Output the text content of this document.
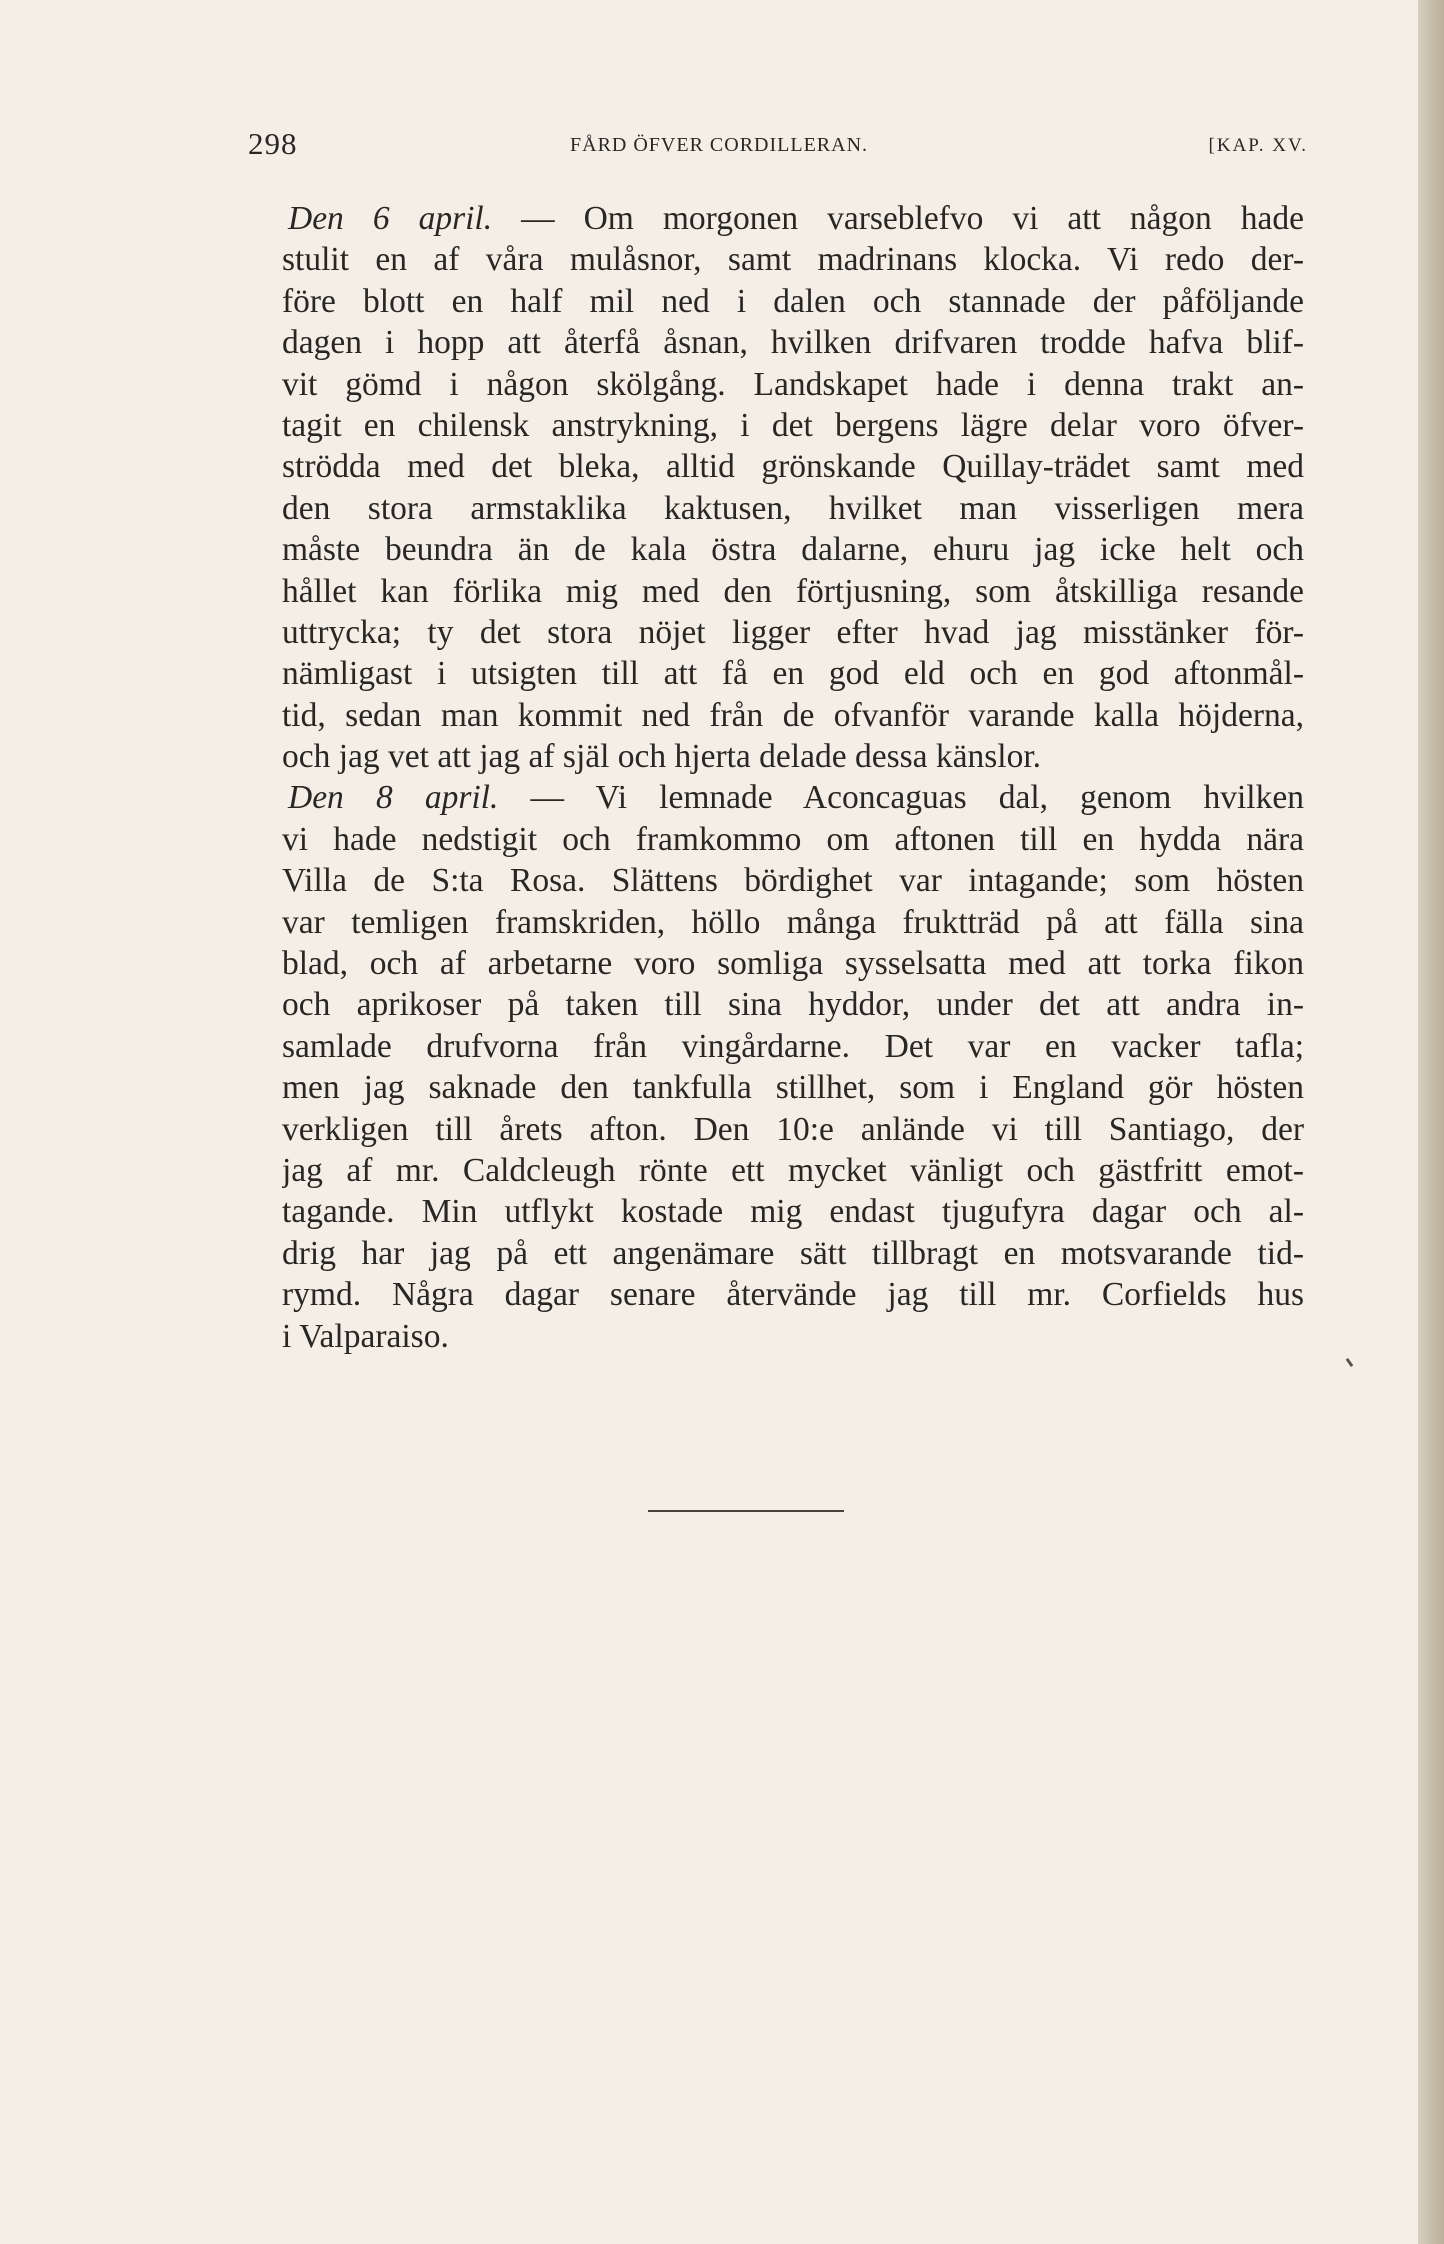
298	FÅRD ÖFVER CORDILLERAN.	[KAP. XV.
Den 6 april. — Om morgonen varseblefvo vi att någon hade
stulit en af våra mulåsnor, samt madrinans klocka. Vi redo der-
före blott en half mil ned i dalen och stannade der påföljande
dagen i hopp att återfå åsnan, hvilken drifvaren trodde hafva blif-
vit gömd i någon skölgång. Landskapet hade i denna trakt an-
tagit en chilensk anstrykning, i det bergens lägre delar voro öfver-
strödda med det bleka, alltid grönskande Quillay-trädet samt med
den stora armstaklika kaktusen, hvilket man visserligen mera
måste beundra än de kala östra dalarne, ehuru jag icke helt och
hållet kan förlika mig med den förtjusning, som åtskilliga resande
uttrycka; ty det stora nöjet ligger efter hvad jag misstänker för-
nämligast i utsigten till att få en god eld och en god aftonmål-
tid, sedan man kommit ned från de ofvanför varande kalla höjderna,
och jag vet att jag af själ och hjerta delade dessa känslor.
Den 8 april. — Vi lemnade Aconcaguas dal, genom hvilken
vi hade nedstigit och framkommo om aftonen till en hydda nära
Villa de S:ta Rosa. Slättens bördighet var intagande; som hösten
var temligen framskriden, höllo många fruktträd på att fälla sina
blad, och af arbetarne voro somliga sysselsatta med att torka fikon
och aprikoser på taken till sina hyddor, under det att andra in-
samlade drufvorna från vingårdarne. Det var en vacker tafla;
men jag saknade den tankfulla stillhet, som i England gör hösten
verkligen till årets afton. Den 10:e anlände vi till Santiago, der
jag af mr. Caldcleugh rönte ett mycket vänligt och gästfritt emot-
tagande. Min utflykt kostade mig endast tjugufyra dagar och al-
drig har jag på ett angenämare sätt tillbragt en motsvarande tid-
rymd. Några dagar senare återvände jag till mr. Corfields hus
i Valparaiso.
